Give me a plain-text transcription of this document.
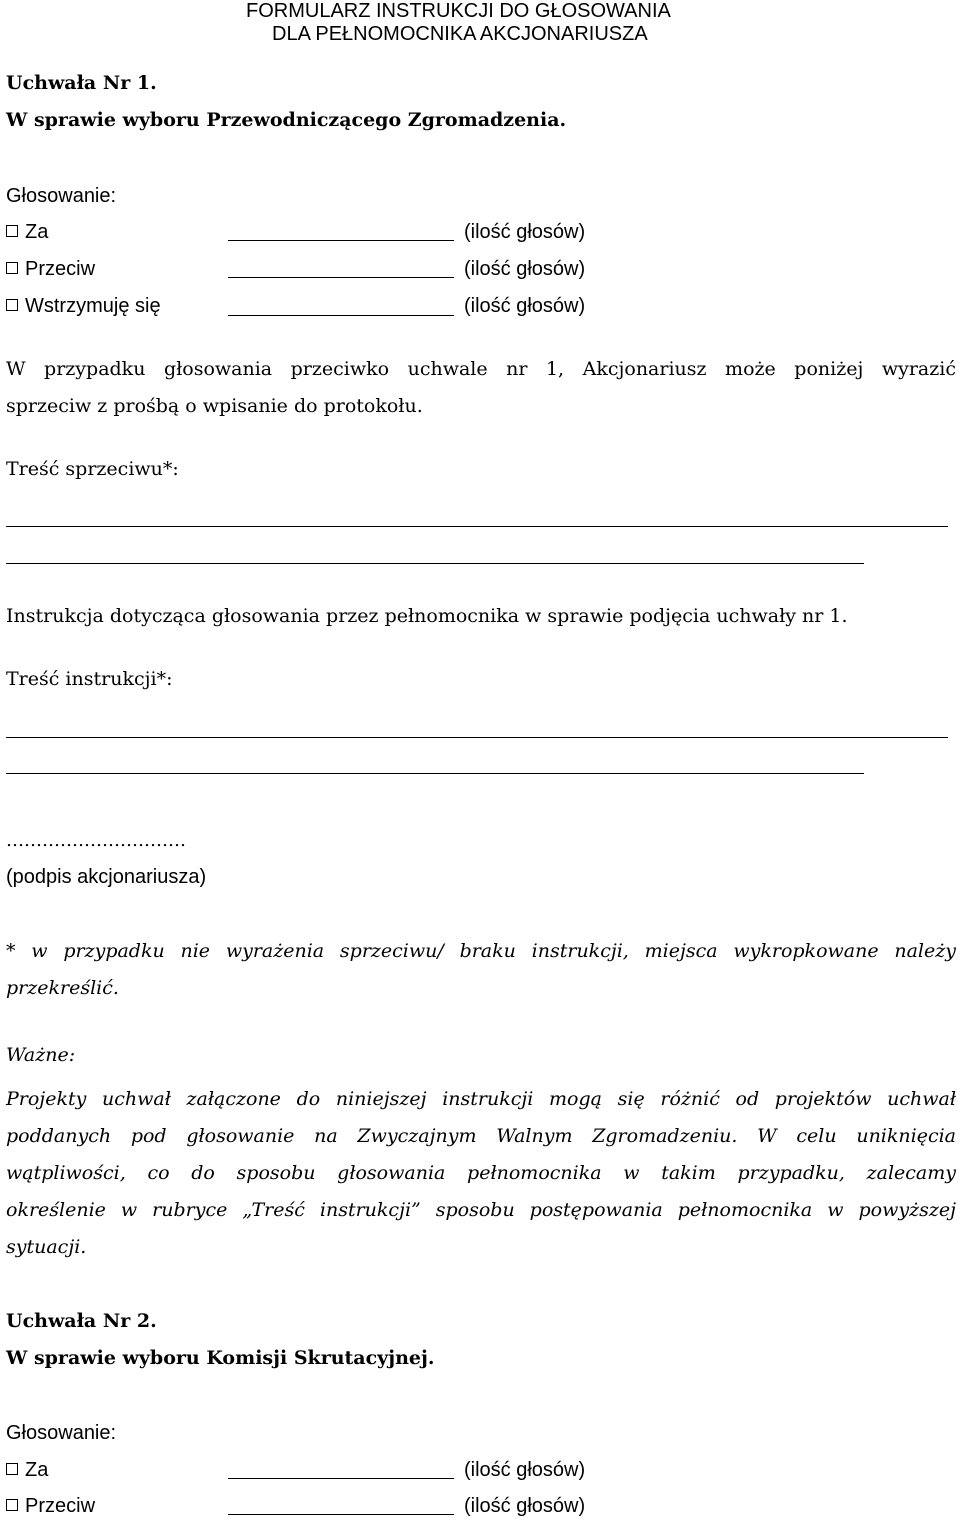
FORMULARZ INSTRUKCJI DO GŁOSOWANIA
DLA PEŁNOMOCNIKA AKCJONARIUSZA
Uchwała Nr 1.
W sprawie wyboru Przewodniczącego Zgromadzenia.
Głosowanie:
Za	(ilość głosów)
Przeciw	(ilość głosów)
Wstrzymuję się	(ilość głosów)
W przypadku głosowania przeciwko uchwale nr 1, Akcjonariusz może poniżej wyrazić
sprzeciw z prośbą o wpisanie do protokołu.
Treść sprzeciwu*:
Instrukcja dotycząca głosowania przez pełnomocnika w sprawie podjęcia uchwały nr 1.
Treść instrukcji*:
…………………………
(podpis akcjonariusza)
* w przypadku nie wyrażenia sprzeciwu/ braku instrukcji, miejsca wykropkowane należy
przekreślić.
Ważne:
Projekty uchwał załączone do niniejszej instrukcji mogą się różnić od projektów uchwał
poddanych pod głosowanie na Zwyczajnym Walnym Zgromadzeniu. W celu uniknięcia
wątpliwości, co do sposobu głosowania pełnomocnika w takim przypadku, zalecamy
określenie w rubryce „Treść instrukcji” sposobu postępowania pełnomocnika w powyższej
sytuacji.
Uchwała Nr 2.
W sprawie wyboru Komisji Skrutacyjnej.
Głosowanie:
Za	(ilość głosów)
Przeciw	(ilość głosów)
